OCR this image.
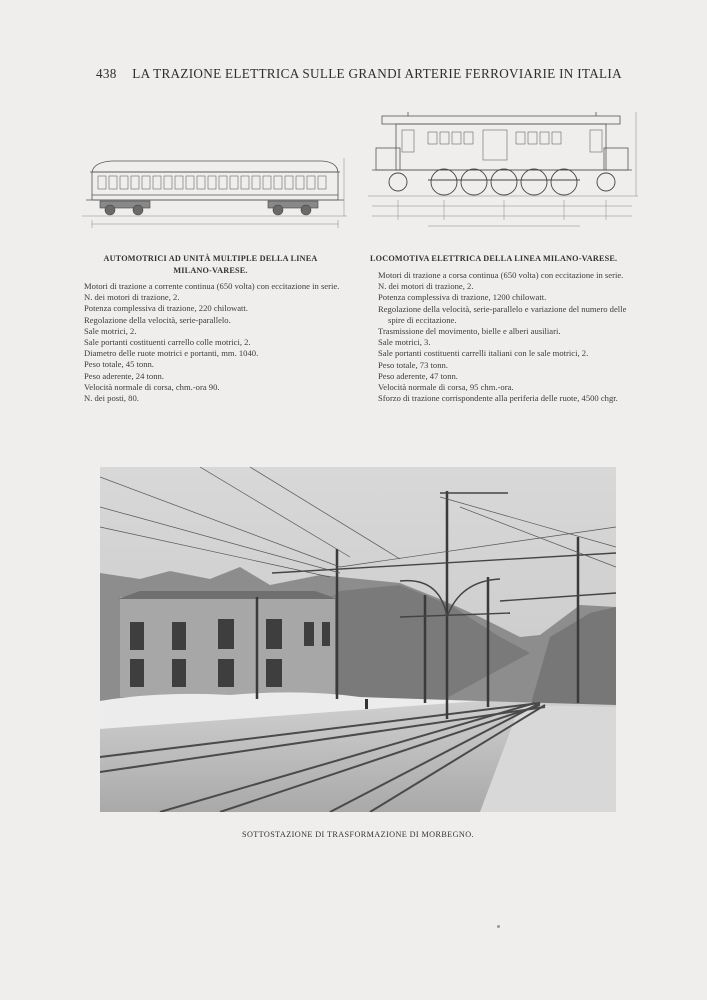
438 LA TRAZIONE ELETTRICA SULLE GRANDI ARTERIE FERROVIARIE IN ITALIA
AUTOMOTRICI AD UNITÀ MULTIPLE DELLA LINEA
MILANO-VARESE.
Motori di trazione a corrente continua (650 volta) con eccitazione in serie.
N. dei motori di trazione, 2.
Potenza complessiva di trazione, 220 chilowatt.
Regolazione della velocità, serie-parallelo.
Sale motrici, 2.
Sale portanti costituenti carrello colle motrici, 2.
Diametro delle ruote motrici e portanti, mm. 1040.
Peso totale, 45 tonn.
Peso aderente, 24 tonn.
Velocità normale di corsa, chm.-ora 90.
N. dei posti, 80.
LOCOMOTIVA ELETTRICA DELLA LINEA MILANO-VARESE.
Motori di trazione a corsa continua (650 volta) con eccitazione in serie.
N. dei motori di trazione, 2.
Potenza complessiva di trazione, 1200 chilowatt.
Regolazione della velocità, serie-parallelo e variazione del numero delle spire di eccitazione.
Trasmissione del movimento, bielle e alberi ausiliari.
Sale motrici, 3.
Sale portanti costituenti carrelli italiani con le sale motrici, 2.
Peso totale, 73 tonn.
Peso aderente, 47 tonn.
Velocità normale di corsa, 95 chm.-ora.
Sforzo di trazione corrispondente alla periferia delle ruote, 4500 chgr.
SOTTOSTAZIONE DI TRASFORMAZIONE DI MORBEGNO.
